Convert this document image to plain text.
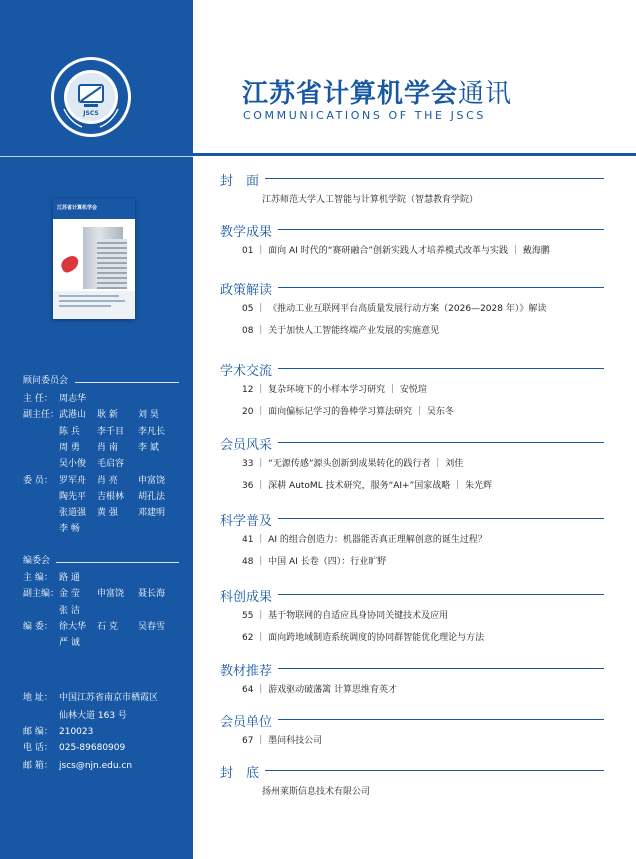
JSCS
江苏省计算机学会
顾问委员会
主 任： 周志华
副主任： 武港山 耿 新 刘 昊
陈 兵 李千目 李凡长
周 勇 肖 南 李 斌
吴小俊 毛启容
委 员： 罗军舟 肖 亮 申富饶
陶先平 吉根林 胡孔法
张道强 黄 强 邓建明
李 畅
编委会
主 编： 路 通
副主编： 金 莹 申富饶 聂长海
张 洁
编 委： 徐大华 石 克 吴春雪
严 诚
地 址： 中国江苏省南京市栖霞区
仙林大道 163 号
邮 编： 210023
电 话： 025-89680909
邮 箱： jscs@njn.edu.cn
江苏省计算机学会通讯
COMMUNICATIONS OF THE JSCS
封　面
江苏师范大学人工智能与计算机学院（智慧教育学院）
教学成果
01 ｜ 面向 AI 时代的“赛研融合”创新实践人才培养模式改革与实践 ｜ 戴海鹏
政策解读
05 ｜ 《推动工业互联网平台高质量发展行动方案（2026—2028 年）》解读
08 ｜ 关于加快人工智能终端产业发展的实施意见
学术交流
12 ｜ 复杂环境下的小样本学习研究 ｜ 安悦瑄
20 ｜ 面向偏标记学习的鲁棒学习算法研究 ｜ 吴东冬
会员风采
33 ｜ “无源传感”源头创新到成果转化的践行者 ｜ 刘佳
36 ｜ 深耕 AutoML 技术研究，服务“AI+”国家战略 ｜ 朱光辉
科学普及
41 ｜ AI 的组合创造力：机器能否真正理解创意的诞生过程？
48 ｜ 中国 AI 长卷（四）：行业旷野
科创成果
55 ｜ 基于物联网的自适应具身协同关键技术及应用
62 ｜ 面向跨地域制造系统调度的协同群智能优化理论与方法
教材推荐
64 ｜ 游戏驱动破藩篱 计算思维育英才
会员单位
67 ｜ 墨问科技公司
封　底
扬州莱斯信息技术有限公司
